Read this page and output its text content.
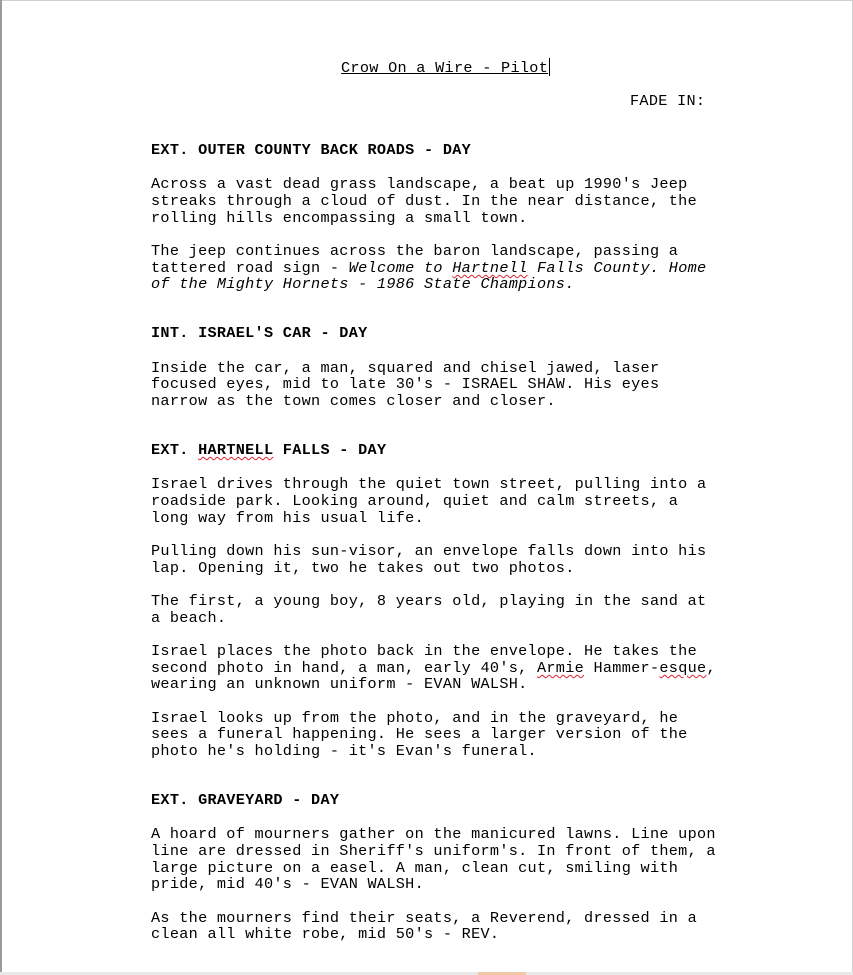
Crow On a Wire - Pilot
FADE IN:
EXT. OUTER COUNTY BACK ROADS - DAY
Across a vast dead grass landscape, a beat up 1990's Jeep
streaks through a cloud of dust. In the near distance, the
rolling hills encompassing a small town.
The jeep continues across the baron landscape, passing a
tattered road sign - Welcome to Hartnell Falls County. Home
of the Mighty Hornets - 1986 State Champions.
INT. ISRAEL'S CAR - DAY
Inside the car, a man, squared and chisel jawed, laser
focused eyes, mid to late 30's - ISRAEL SHAW. His eyes
narrow as the town comes closer and closer.
EXT. HARTNELL FALLS - DAY
Israel drives through the quiet town street, pulling into a
roadside park. Looking around, quiet and calm streets, a
long way from his usual life.
Pulling down his sun-visor, an envelope falls down into his
lap. Opening it, two he takes out two photos.
The first, a young boy, 8 years old, playing in the sand at
a beach.
Israel places the photo back in the envelope. He takes the
second photo in hand, a man, early 40's, Armie Hammer-esque,
wearing an unknown uniform - EVAN WALSH.
Israel looks up from the photo, and in the graveyard, he
sees a funeral happening. He sees a larger version of the
photo he's holding - it's Evan's funeral.
EXT. GRAVEYARD - DAY
A hoard of mourners gather on the manicured lawns. Line upon
line are dressed in Sheriff's uniform's. In front of them, a
large picture on a easel. A man, clean cut, smiling with
pride, mid 40's - EVAN WALSH.
As the mourners find their seats, a Reverend, dressed in a
clean all white robe, mid 50's - REV.
